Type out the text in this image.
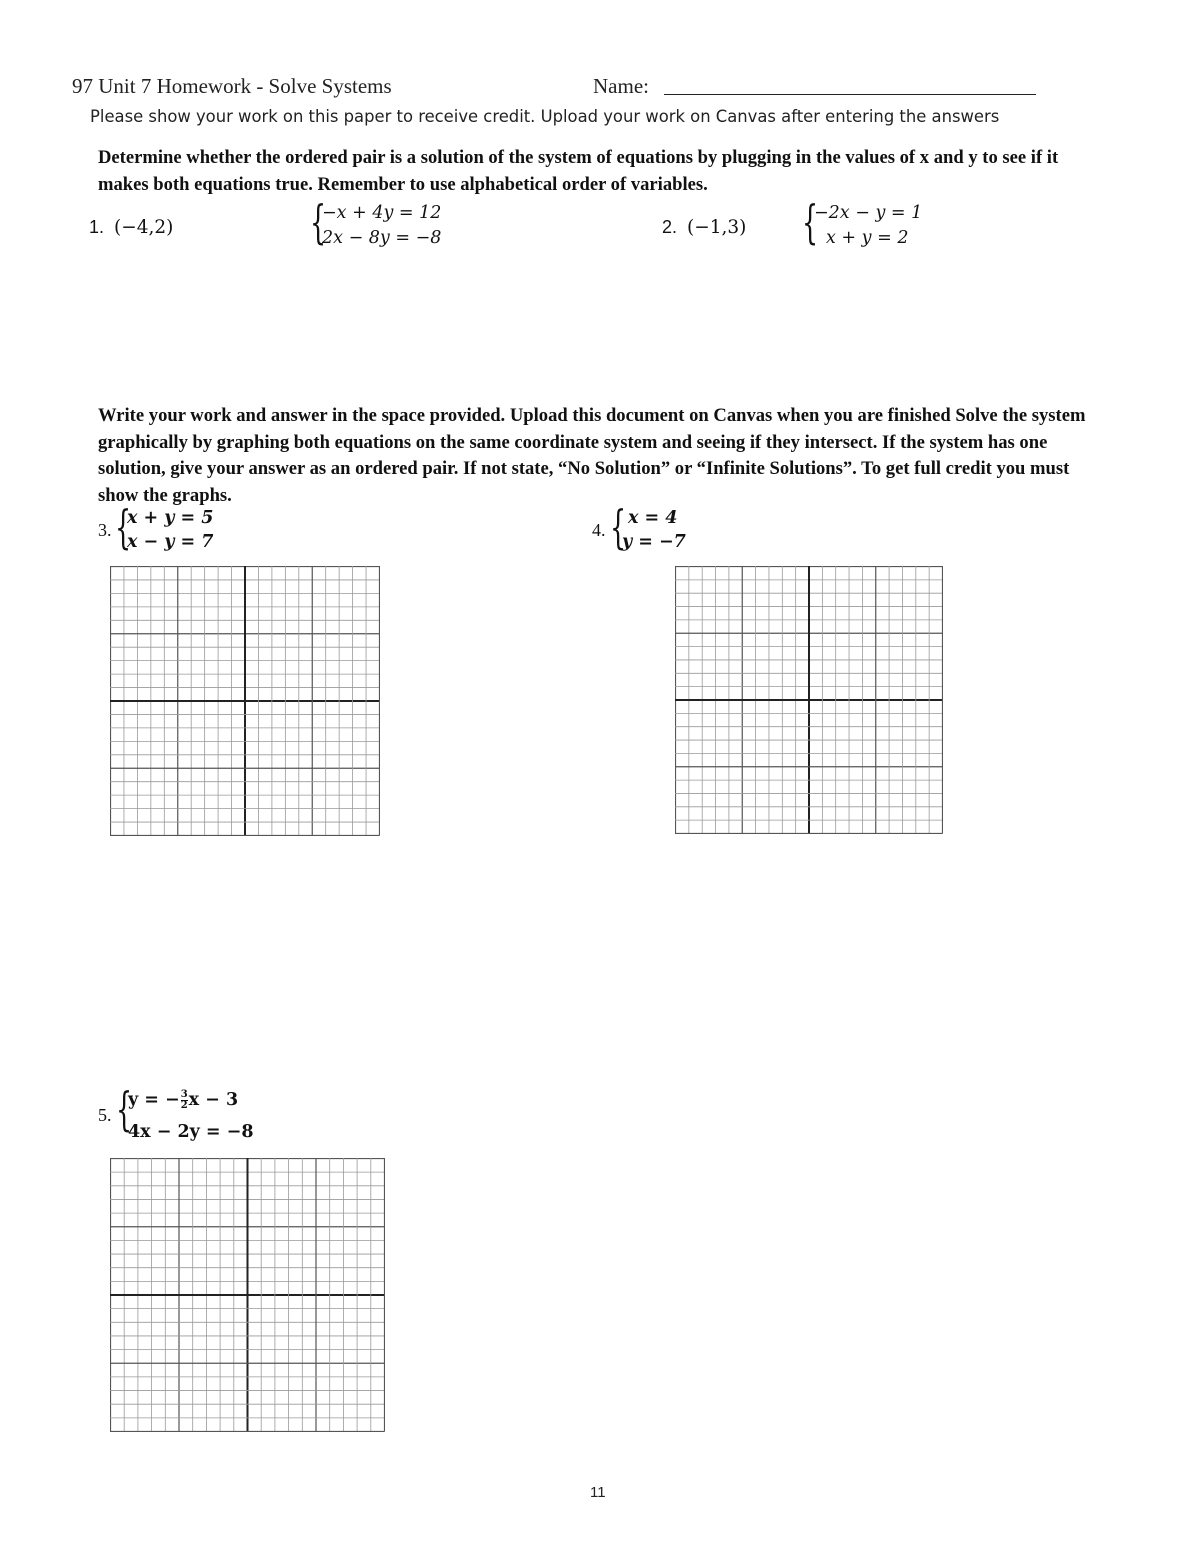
97 Unit 7 Homework - Solve Systems	Name:
Please show your work on this paper to receive credit. Upload your work on Canvas after entering the answers
Determine whether the ordered pair is a solution of the system of equations by plugging in the values of x and y to see if it makes both equations true. Remember to use alphabetical order of variables.
1. (−4,2)	{
−x + 4y = 12
2x − 8y = −8
2. (−1,3) {
−2x − y = 1
x + y = 2
Write your work and answer in the space provided. Upload this document on Canvas when you are finished Solve the system graphically by graphing both equations on the same coordinate system and seeing if they intersect. If the system has one solution, give your answer as an ordered pair. If not state, “No Solution” or “Infinite Solutions”. To get full credit you must show the graphs.
3. {
x + y = 5
x − y = 7
4. { x = 4
y = −7
5. {
y = − $\frac{3}{2}$ x − 3
4x − 2y = −8
11
